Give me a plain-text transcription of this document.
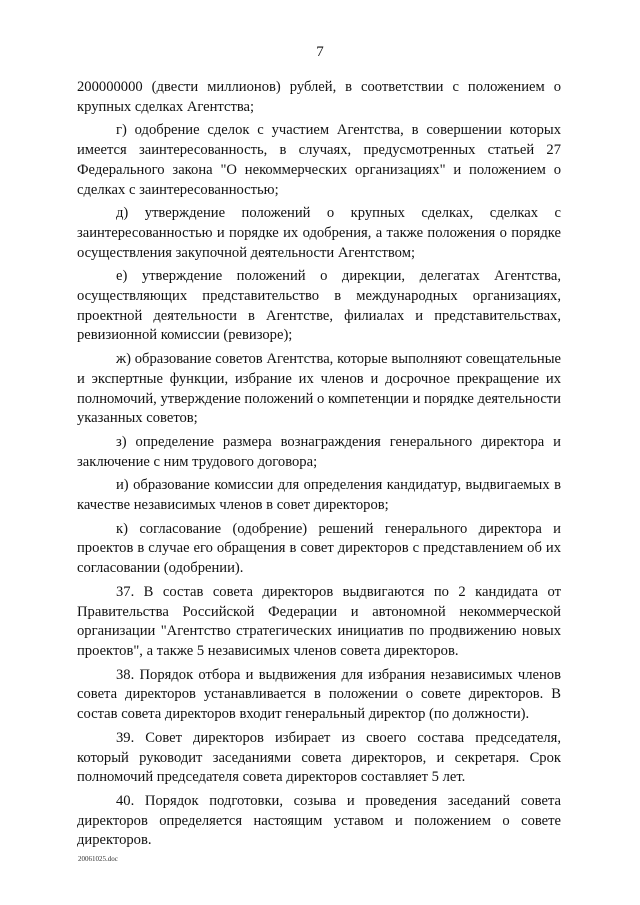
7

200000000 (двести миллионов) рублей, в соответствии с положением о крупных сделках Агентства;

г) одобрение сделок с участием Агентства, в совершении которых имеется заинтересованность, в случаях, предусмотренных статьей 27 Федерального закона "О некоммерческих организациях" и положением о сделках с заинтересованностью;

д) утверждение положений о крупных сделках, сделках с заинтересованностью и порядке их одобрения, а также положения о порядке осуществления закупочной деятельности Агентством;

е) утверждение положений о дирекции, делегатах Агентства, осуществляющих представительство в международных организациях, проектной деятельности в Агентстве, филиалах и представительствах, ревизионной комиссии (ревизоре);

ж) образование советов Агентства, которые выполняют совещательные и экспертные функции, избрание их членов и досрочное прекращение их полномочий, утверждение положений о компетенции и порядке деятельности указанных советов;

з) определение размера вознаграждения генерального директора и заключение с ним трудового договора;

и) образование комиссии для определения кандидатур, выдвигаемых в качестве независимых членов в совет директоров;

к) согласование (одобрение) решений генерального директора и проектов в случае его обращения в совет директоров с представлением об их согласовании (одобрении).

37. В состав совета директоров выдвигаются по 2 кандидата от Правительства Российской Федерации и автономной некоммерческой организации "Агентство стратегических инициатив по продвижению новых проектов", а также 5 независимых членов совета директоров.

38. Порядок отбора и выдвижения для избрания независимых членов совета директоров устанавливается в положении о совете директоров. В состав совета директоров входит генеральный директор (по должности).

39. Совет директоров избирает из своего состава председателя, который руководит заседаниями совета директоров, и секретаря. Срок полномочий председателя совета директоров составляет 5 лет.

40. Порядок подготовки, созыва и проведения заседаний совета директоров определяется настоящим уставом и положением о совете директоров.

20061025.doc
